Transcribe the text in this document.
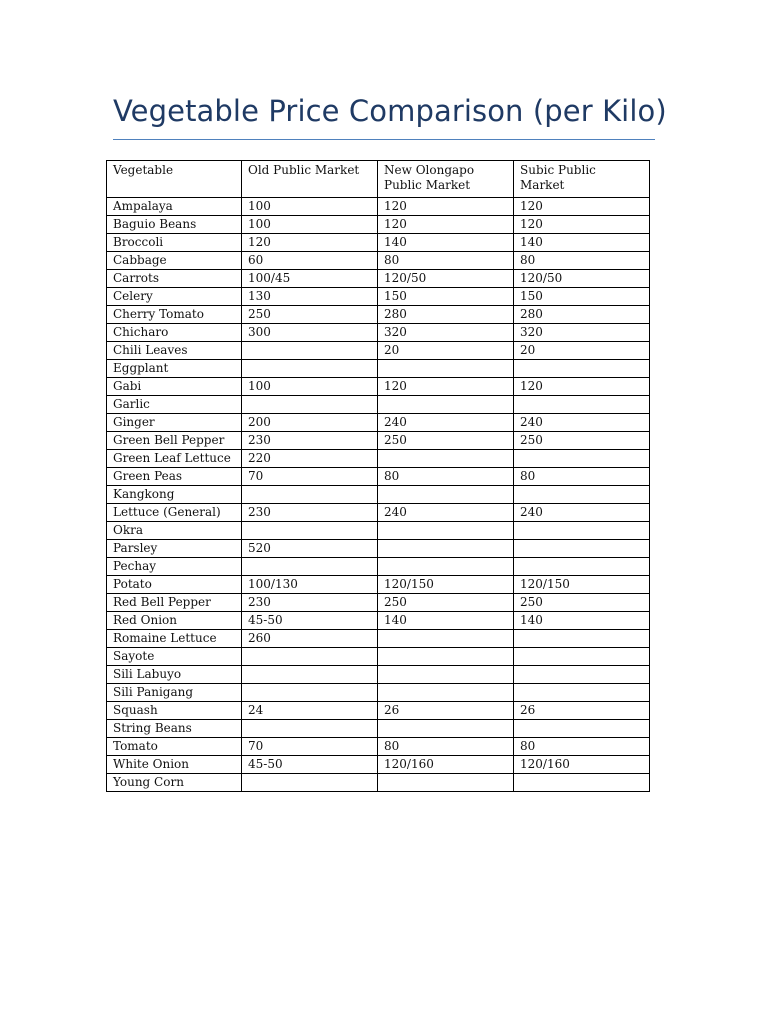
Vegetable Price Comparison (per Kilo)
Vegetable	Old Public Market	New Olongapo Public Market	Subic Public Market
Ampalaya	100	120	120
Baguio Beans	100	120	120
Broccoli	120	140	140
Cabbage	60	80	80
Carrots	100/45	120/50	120/50
Celery	130	150	150
Cherry Tomato	250	280	280
Chicharo	300	320	320
Chili Leaves		20	20
Eggplant			
Gabi	100	120	120
Garlic			
Ginger	200	240	240
Green Bell Pepper	230	250	250
Green Leaf Lettuce	220		
Green Peas	70	80	80
Kangkong			
Lettuce (General)	230	240	240
Okra			
Parsley	520		
Pechay			
Potato	100/130	120/150	120/150
Red Bell Pepper	230	250	250
Red Onion	45-50	140	140
Romaine Lettuce	260		
Sayote			
Sili Labuyo			
Sili Panigang			
Squash	24	26	26
String Beans			
Tomato	70	80	80
White Onion	45-50	120/160	120/160
Young Corn			
